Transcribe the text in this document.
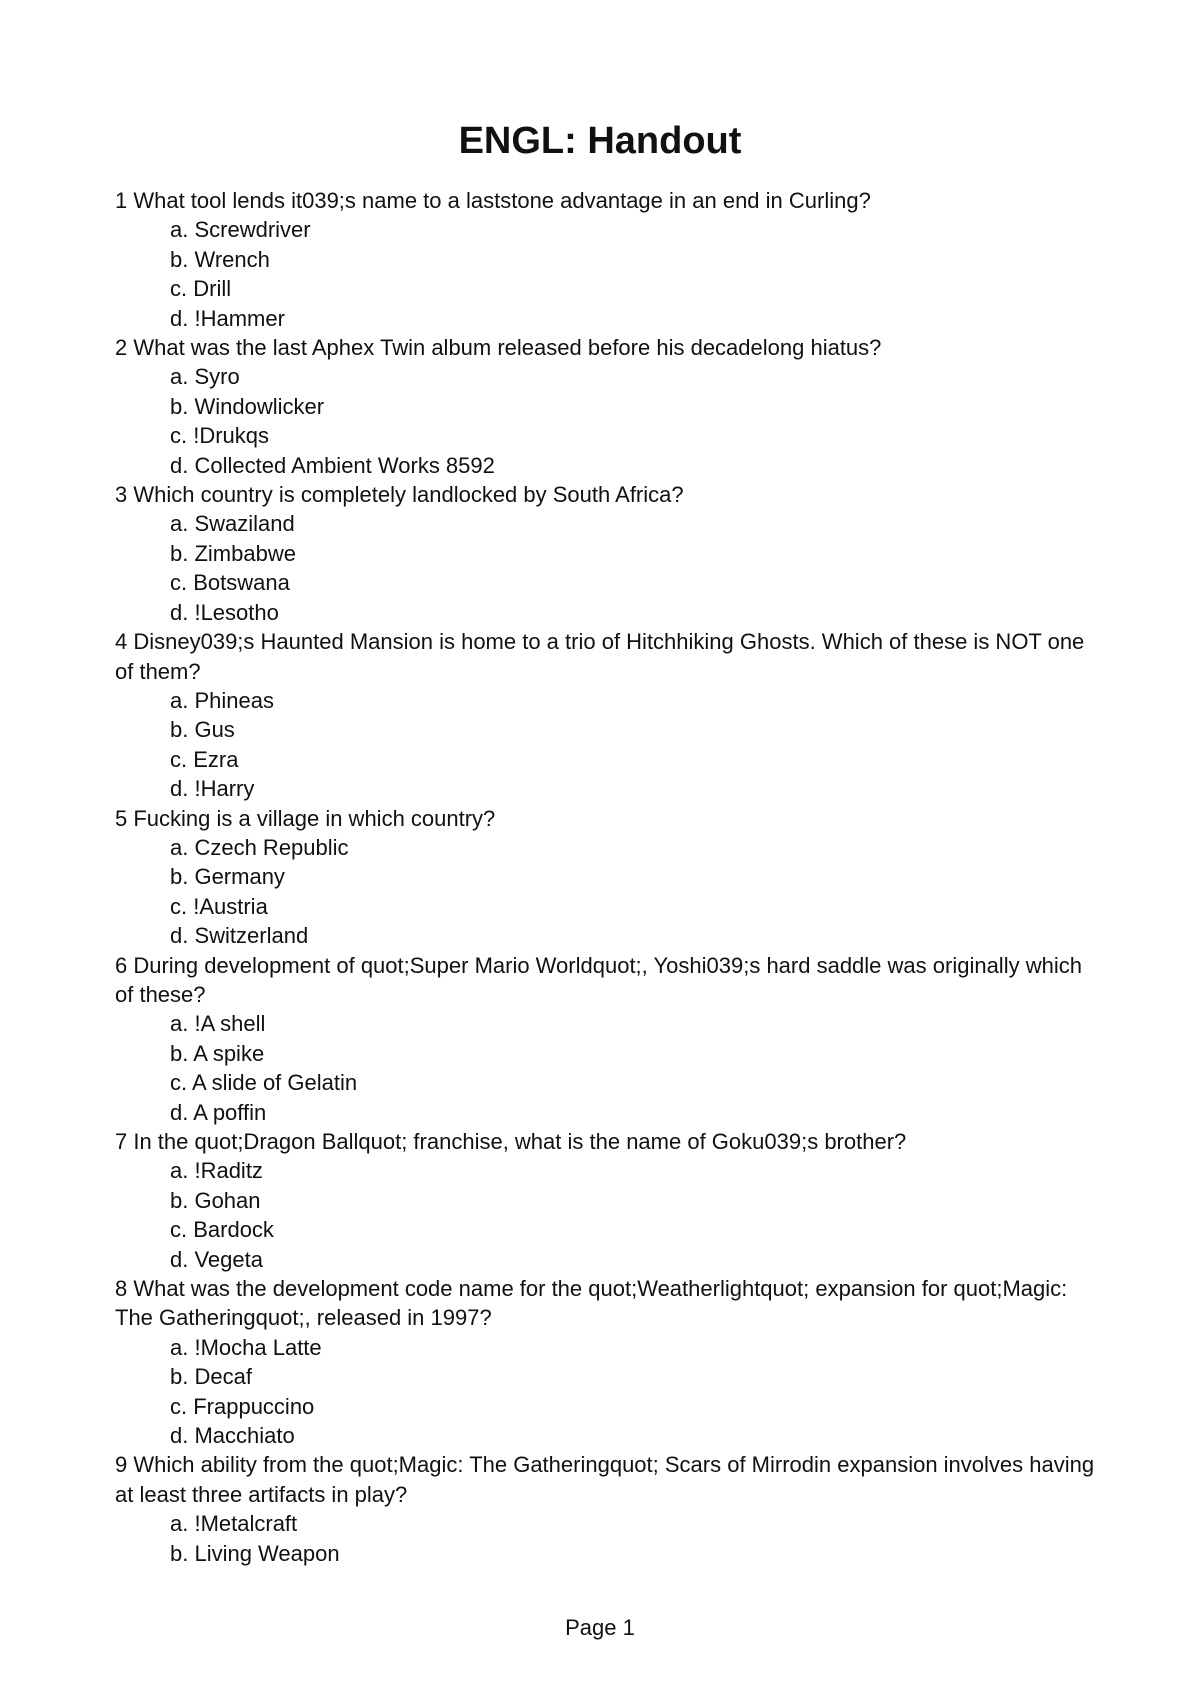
ENGL: Handout
1 What tool lends it039;s name to a laststone advantage in an end in Curling?
a. Screwdriver
b. Wrench
c. Drill
d. !Hammer
2 What was the last Aphex Twin album released before his decadelong hiatus?
a. Syro
b. Windowlicker
c. !Drukqs
d. Collected Ambient Works 8592
3 Which country is completely landlocked by South Africa?
a. Swaziland
b. Zimbabwe
c. Botswana
d. !Lesotho
4 Disney039;s Haunted Mansion is home to a trio of Hitchhiking Ghosts. Which of these is NOT one of them?
a. Phineas
b. Gus
c. Ezra
d. !Harry
5 Fucking is a village in which country?
a. Czech Republic
b. Germany
c. !Austria
d. Switzerland
6 During development of quot;Super Mario Worldquot;, Yoshi039;s hard saddle was originally which of these?
a. !A shell
b. A spike
c. A slide of Gelatin
d. A poffin
7 In the quot;Dragon Ballquot; franchise, what is the name of Goku039;s brother?
a. !Raditz
b. Gohan
c. Bardock
d. Vegeta
8 What was the development code name for the quot;Weatherlightquot; expansion for quot;Magic: The Gatheringquot;, released in 1997?
a. !Mocha Latte
b. Decaf
c. Frappuccino
d. Macchiato
9 Which ability from the quot;Magic: The Gatheringquot; Scars of Mirrodin expansion involves having at least three artifacts in play?
a. !Metalcraft
b. Living Weapon
Page 1
